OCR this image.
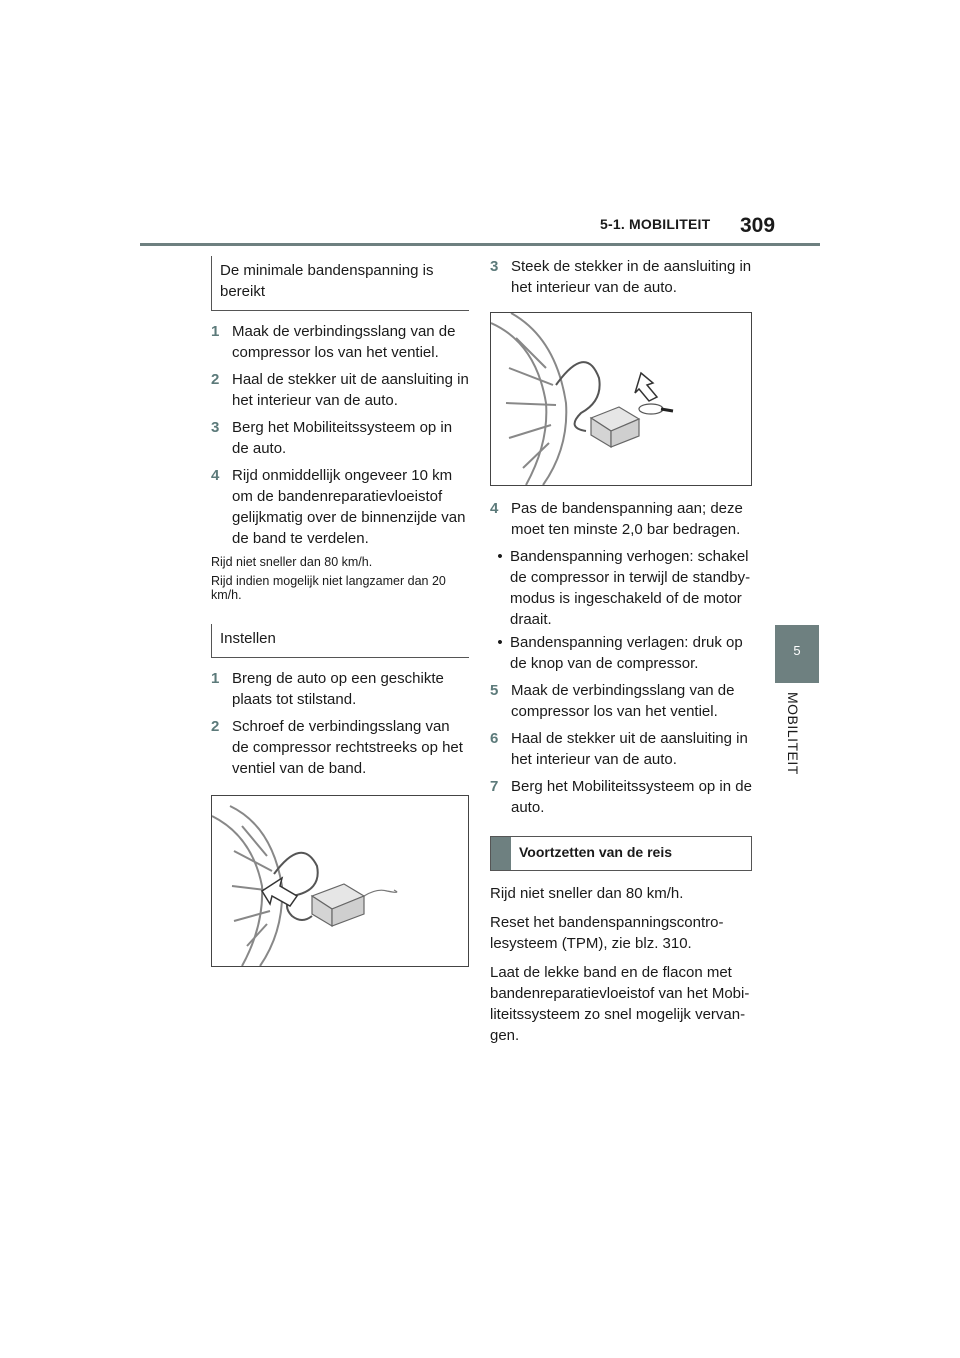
5-1. MOBILITEIT 309
5
MOBILITEIT
De minimale bandenspanning is bereikt
1 Maak de verbindingsslang van de compressor los van het ventiel.
2 Haal de stekker uit de aansluiting in het interieur van de auto.
3 Berg het Mobiliteitssysteem op in de auto.
4 Rijd onmiddellijk ongeveer 10 km om de bandenreparatievloeistof gelijkmatig over de binnenzijde van de band te verdelen.
Rijd niet sneller dan 80 km/h.
Rijd indien mogelijk niet langzamer dan 20 km/h.
Instellen
1 Breng de auto op een geschikte plaats tot stilstand.
2 Schroef de verbindingsslang van de compressor rechtstreeks op het ventiel van de band.
3 Steek de stekker in de aansluiting in het interieur van de auto.
4 Pas de bandenspanning aan; deze moet ten minste 2,0 bar bedragen.
• Bandenspanning verhogen: schakel de compressor in terwijl de standby-modus is ingeschakeld of de motor draait.
• Bandenspanning verlagen: druk op de knop van de compressor.
5 Maak de verbindingsslang van de compressor los van het ventiel.
6 Haal de stekker uit de aansluiting in het interieur van de auto.
7 Berg het Mobiliteitssysteem op in de auto.
Voortzetten van de reis
Rijd niet sneller dan 80 km/h.
Reset het bandenspanningscontro-lesysteem (TPM), zie blz. 310.
Laat de lekke band en de flacon met bandenreparatievloeistof van het Mobi-liteitssysteem zo snel mogelijk vervan-gen.
